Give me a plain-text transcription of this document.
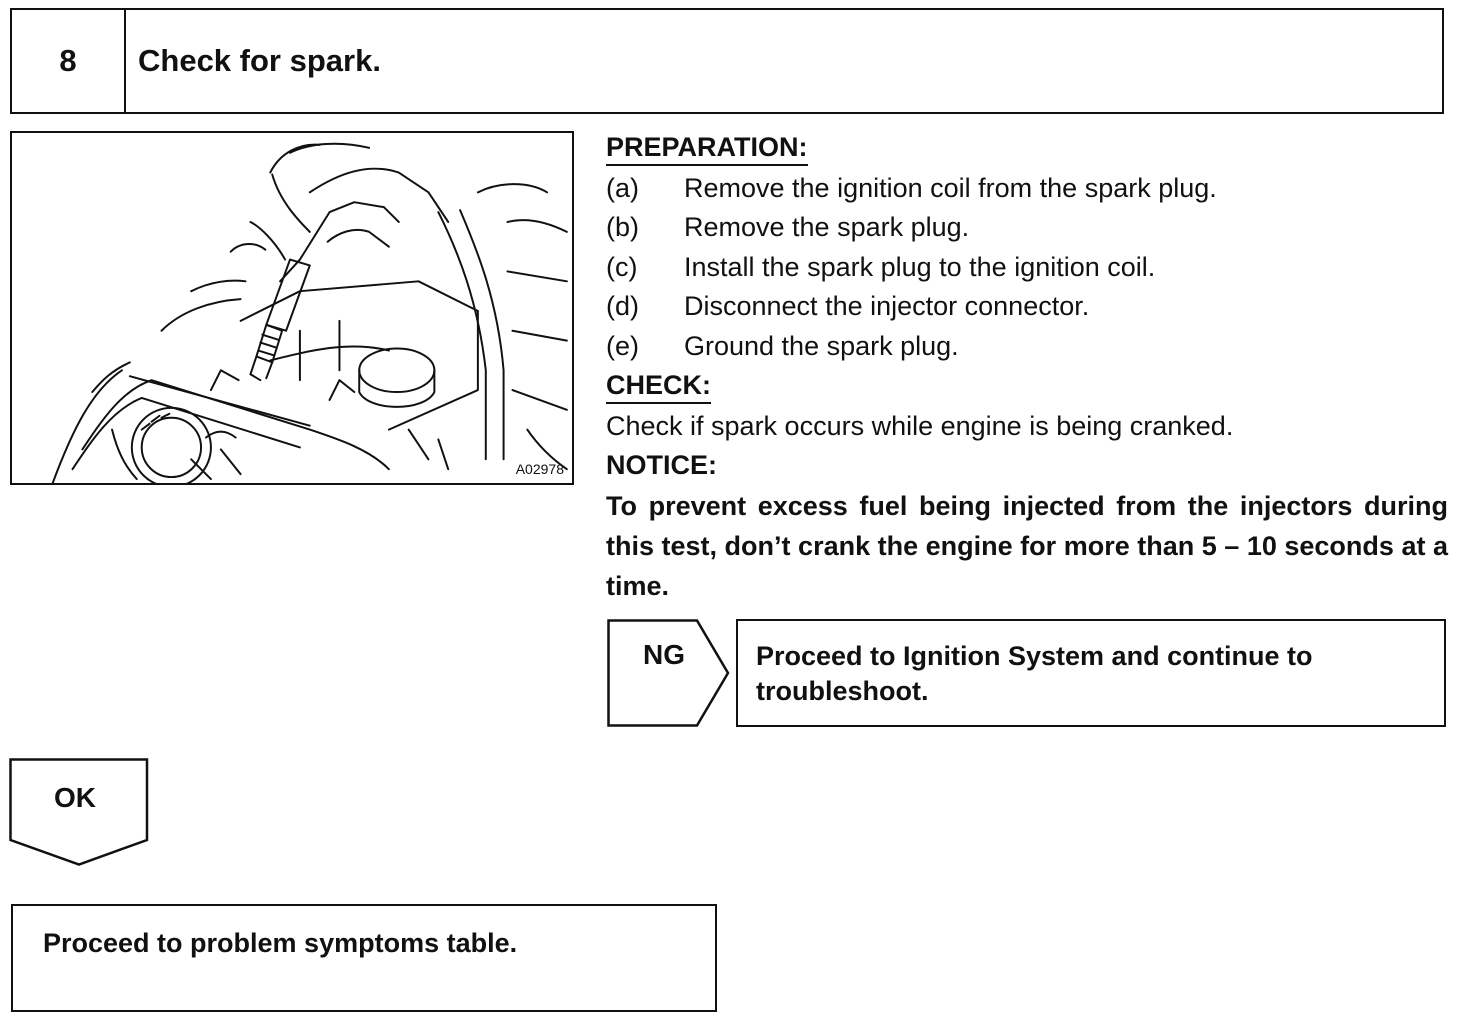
8	Check for spark.
A02978
PREPARATION:
(a)	Remove the ignition coil from the spark plug.
(b)	Remove the spark plug.
(c)	Install the spark plug to the ignition coil.
(d)	Disconnect the injector connector.
(e)	Ground the spark plug.
CHECK:
Check if spark occurs while engine is being cranked.
NOTICE:
To prevent excess fuel being injected from the injectors during this test, don’t crank the engine for more than 5 – 10 seconds at a time.
NG	Proceed to Ignition System and continue to troubleshoot.
OK
Proceed to problem symptoms table.
